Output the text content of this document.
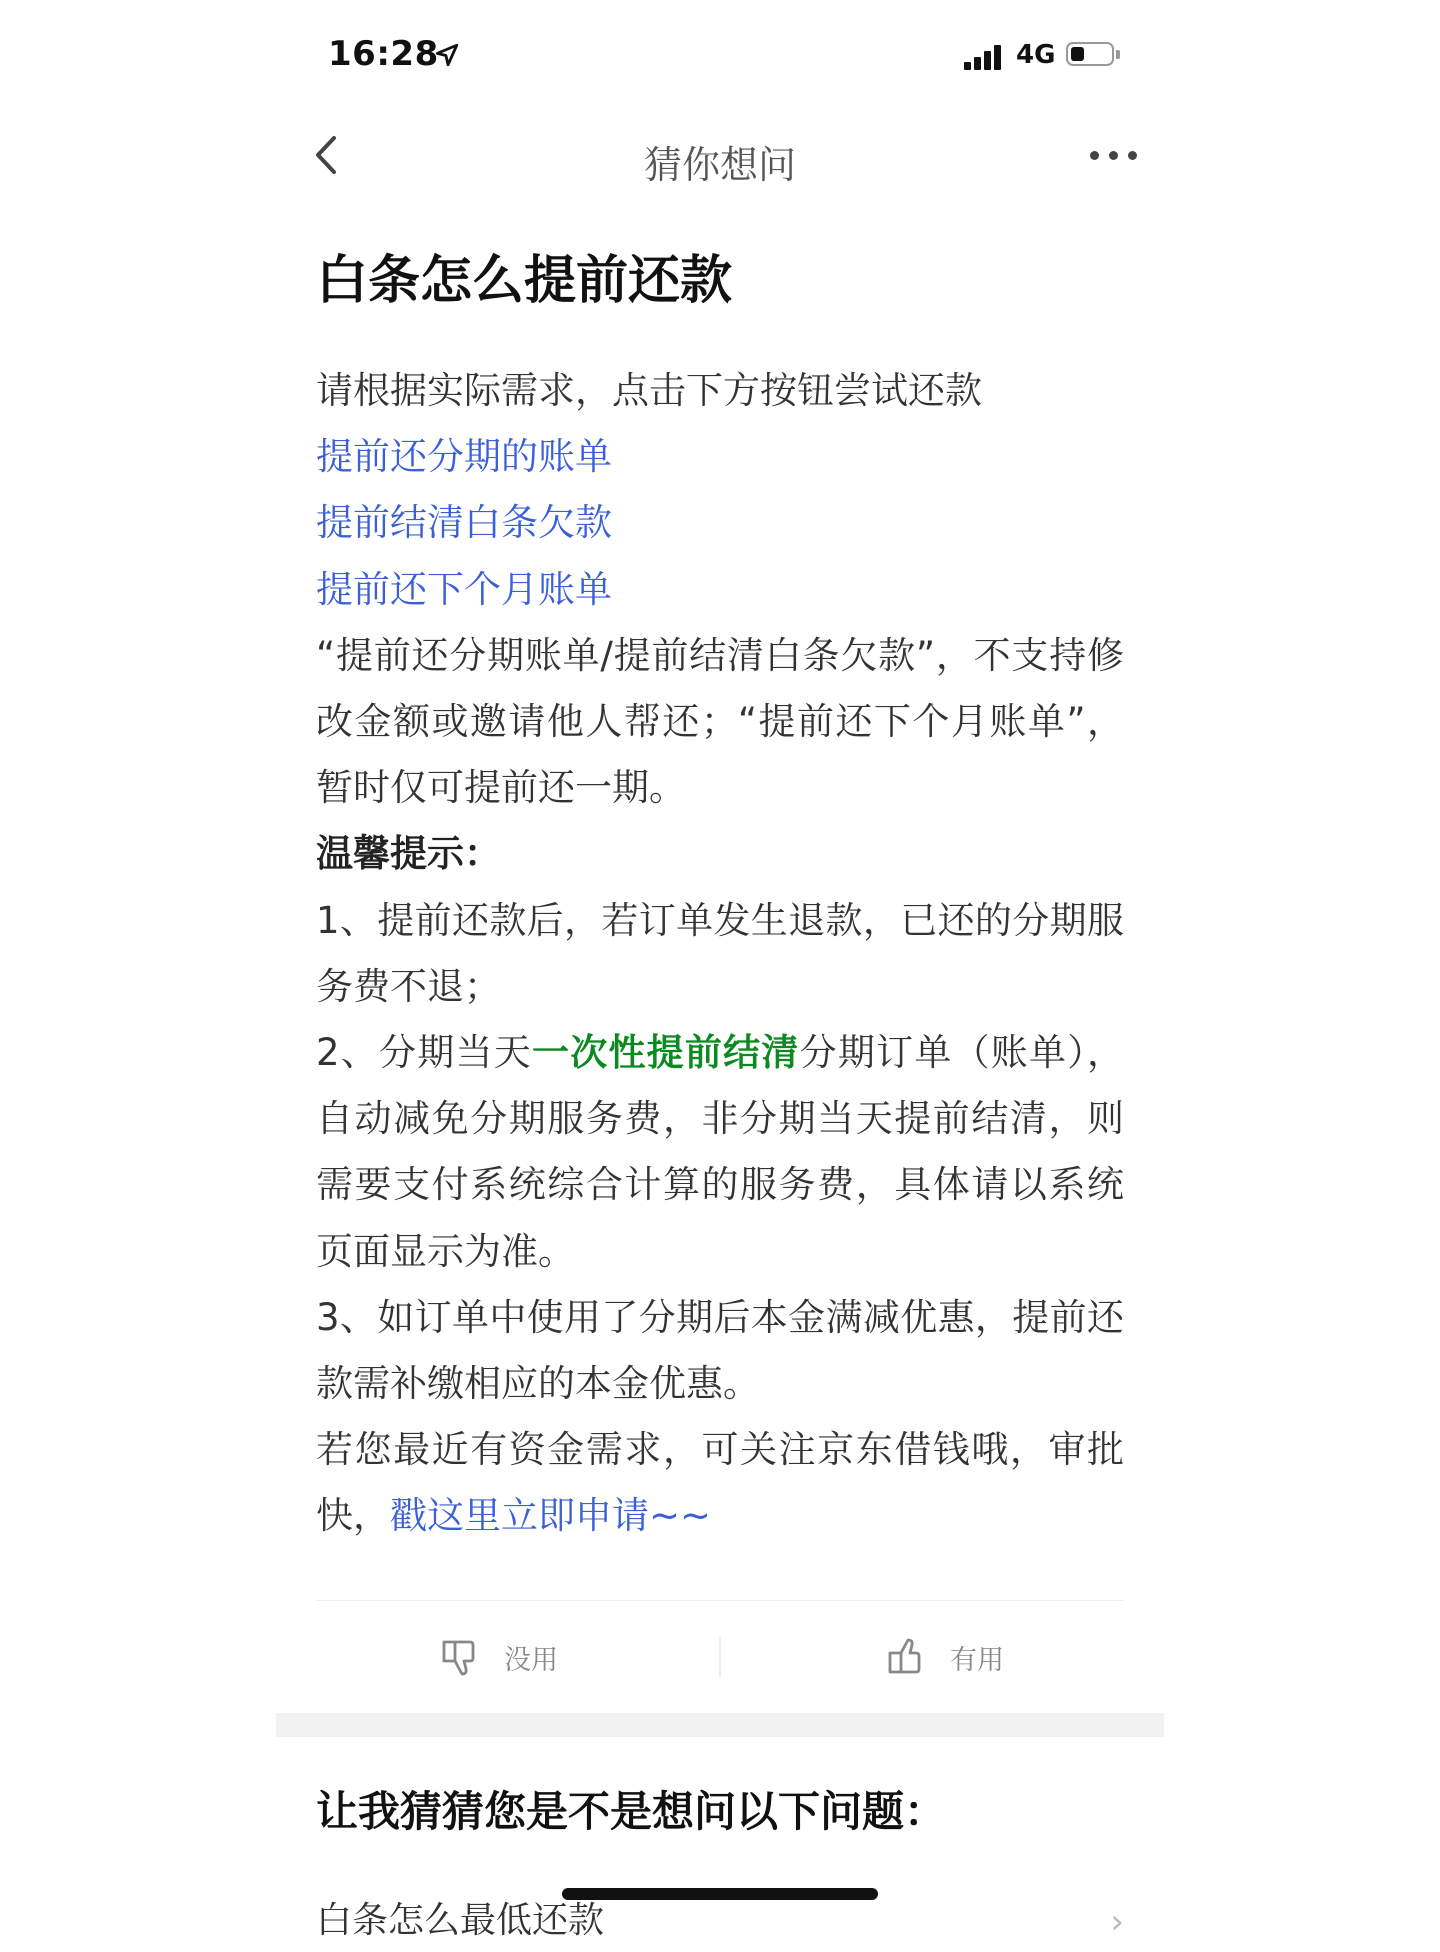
16:28	4G
猜你想问
白条怎么提前还款

请根据实际需求，点击下方按钮尝试还款

提前还分期的账单

提前结清白条欠款

提前还下个月账单

“提前还分期账单/提前结清白条欠款”，不支持修改金额或邀请他人帮还；“提前还下个月账单”，暂时仅可提前还一期。

温馨提示：

1、提前还款后，若订单发生退款，已还的分期服务费不退；

2、分期当天一次性提前结清分期订单（账单），自动减免分期服务费，非分期当天提前结清，则需要支付系统综合计算的服务费，具体请以系统页面显示为准。

3、如订单中使用了分期后本金满减优惠，提前还款需补缴相应的本金优惠。

若您最近有资金需求，可关注京东借钱哦，审批快，戳这里立即申请~~

没用	有用
让我猜猜您是不是想问以下问题：
白条怎么最低还款	›
